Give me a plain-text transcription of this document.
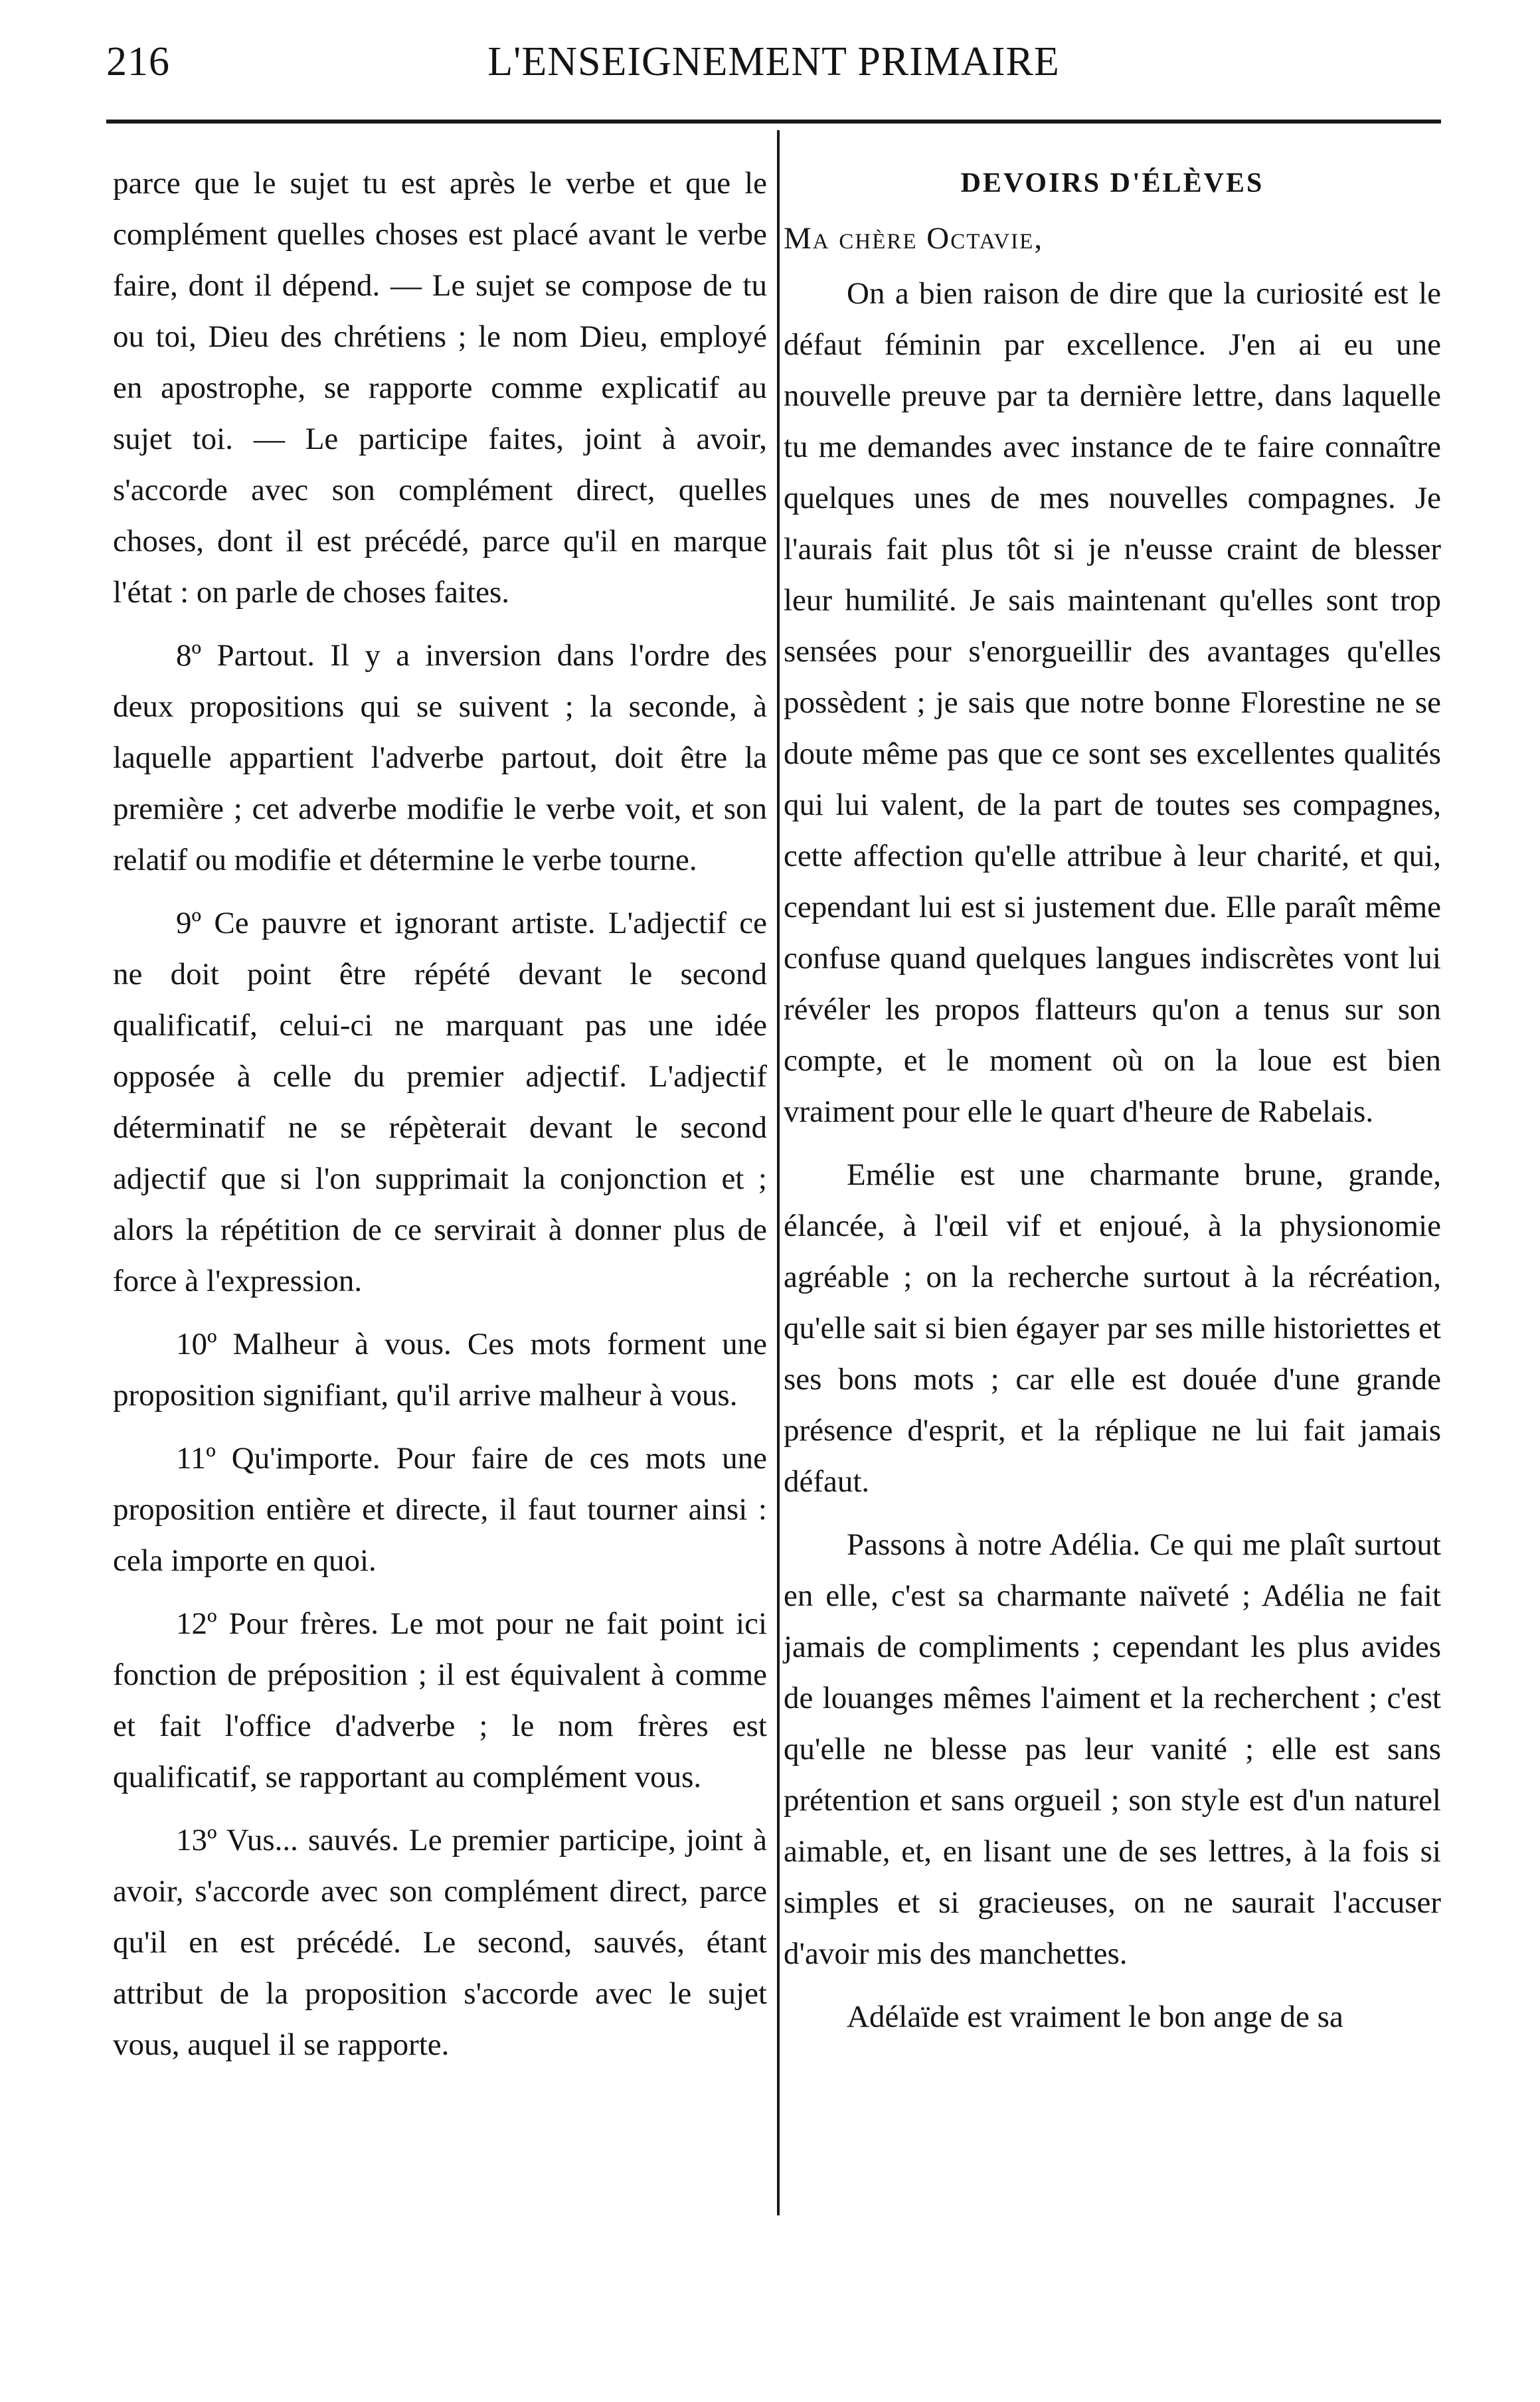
216	L'ENSEIGNEMENT PRIMAIRE

parce que le sujet tu est après le verbe et que le complément quelles choses est placé avant le verbe faire, dont il dépend. — Le sujet se compose de tu ou toi, Dieu des chrétiens ; le nom Dieu, employé en apostrophe, se rapporte comme explicatif au sujet toi. — Le participe faites, joint à avoir, s'accorde avec son complément direct, quelles choses, dont il est précédé, parce qu'il en marque l'état : on parle de choses faites.

8º Partout. Il y a inversion dans l'ordre des deux propositions qui se suivent ; la seconde, à laquelle appartient l'adverbe partout, doit être la première ; cet adverbe modifie le verbe voit, et son relatif ou modifie et détermine le verbe tourne.

9º Ce pauvre et ignorant artiste. L'adjectif ce ne doit point être répété devant le second qualificatif, celui-ci ne marquant pas une idée opposée à celle du premier adjectif. L'adjectif déterminatif ne se répèterait devant le second adjectif que si l'on supprimait la conjonction et ; alors la répétition de ce servirait à donner plus de force à l'expression.

10º Malheur à vous. Ces mots forment une proposition signifiant, qu'il arrive malheur à vous.

11º Qu'importe. Pour faire de ces mots une proposition entière et directe, il faut tourner ainsi : cela importe en quoi.

12º Pour frères. Le mot pour ne fait point ici fonction de préposition ; il est équivalent à comme et fait l'office d'adverbe ; le nom frères est qualificatif, se rapportant au complément vous.

13º Vus... sauvés. Le premier participe, joint à avoir, s'accorde avec son complément direct, parce qu'il en est précédé. Le second, sauvés, étant attribut de la proposition s'accorde avec le sujet vous, auquel il se rapporte.

DEVOIRS D'ÉLÈVES
Ma chère Octavie,

On a bien raison de dire que la curiosité est le défaut féminin par excellence. J'en ai eu une nouvelle preuve par ta dernière lettre, dans laquelle tu me demandes avec instance de te faire connaître quelques unes de mes nouvelles compagnes. Je l'aurais fait plus tôt si je n'eusse craint de blesser leur humilité. Je sais maintenant qu'elles sont trop sensées pour s'enorgueillir des avantages qu'elles possèdent ; je sais que notre bonne Florestine ne se doute même pas que ce sont ses excellentes qualités qui lui valent, de la part de toutes ses compagnes, cette affection qu'elle attribue à leur charité, et qui, cependant lui est si justement due. Elle paraît même confuse quand quelques langues indiscrètes vont lui révéler les propos flatteurs qu'on a tenus sur son compte, et le moment où on la loue est bien vraiment pour elle le quart d'heure de Rabelais.

Emélie est une charmante brune, grande, élancée, à l'œil vif et enjoué, à la physionomie agréable ; on la recherche surtout à la récréation, qu'elle sait si bien égayer par ses mille historiettes et ses bons mots ; car elle est douée d'une grande présence d'esprit, et la réplique ne lui fait jamais défaut.

Passons à notre Adélia. Ce qui me plaît surtout en elle, c'est sa charmante naïveté ; Adélia ne fait jamais de compliments ; cependant les plus avides de louanges mêmes l'aiment et la recherchent ; c'est qu'elle ne blesse pas leur vanité ; elle est sans prétention et sans orgueil ; son style est d'un naturel aimable, et, en lisant une de ses lettres, à la fois si simples et si gracieuses, on ne saurait l'accuser d'avoir mis des manchettes.

Adélaïde est vraiment le bon ange de sa
